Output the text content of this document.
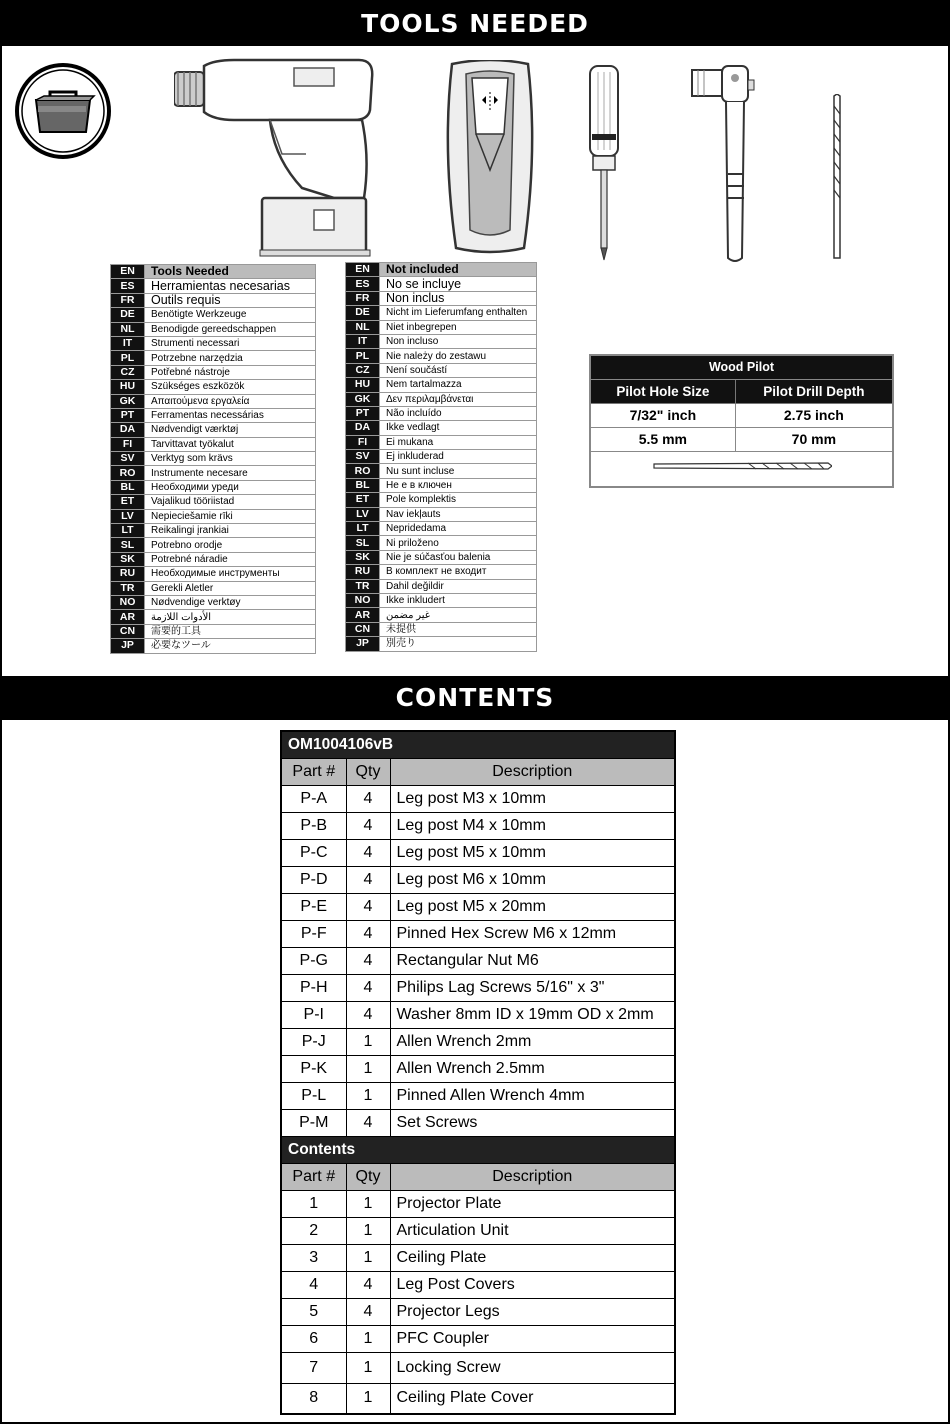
TOOLS NEEDED
EN	Tools Needed
ES	Herramientas necesarias
FR	Outils requis
DE	Benötigte Werkzeuge
NL	Benodigde gereedschappen
IT	Strumenti necessari
PL	Potrzebne narzędzia
CZ	Potřebné nástroje
HU	Szükséges eszközök
GK	Απαιτούμενα εργαλεία
PT	Ferramentas necessárias
DA	Nødvendigt værktøj
FI	Tarvittavat työkalut
SV	Verktyg som krävs
RO	Instrumente necesare
BL	Необходими уреди
ET	Vajalikud tööriistad
LV	Nepieciešamie rīki
LT	Reikalingi įrankiai
SL	Potrebno orodje
SK	Potrebné náradie
RU	Необходимые инструменты
TR	Gerekli Aletler
NO	Nødvendige verktøy
AR	الأدوات اللازمة
CN	需要的工具
JP	必要なツール
EN	Not included
ES	No se incluye
FR	Non inclus
DE	Nicht im Lieferumfang enthalten
NL	Niet inbegrepen
IT	Non incluso
PL	Nie należy do zestawu
CZ	Není součástí
HU	Nem tartalmazza
GK	Δεν περιλαμβάνεται
PT	Não incluído
DA	Ikke vedlagt
FI	Ei mukana
SV	Ej inkluderad
RO	Nu sunt incluse
BL	Не е в ключен
ET	Pole komplektis
LV	Nav iekļauts
LT	Nepridedama
SL	Ni priloženo
SK	Nie je súčasťou balenia
RU	В комплект не входит
TR	Dahil değildir
NO	Ikke inkludert
AR	غير مضمن
CN	未提供
JP	別売り
Wood Pilot	
Pilot Hole Size	Pilot Drill Depth
7/32" inch	2.75 inch
5.5 mm	70 mm

CONTENTS
OM1004106vB		
Part #	Qty	Description
P-A	4	Leg post M3 x 10mm
P-B	4	Leg post M4 x 10mm
P-C	4	Leg post M5 x 10mm
P-D	4	Leg post M6 x 10mm
P-E	4	Leg post M5 x 20mm
P-F	4	Pinned Hex Screw M6 x 12mm
P-G	4	Rectangular Nut M6
P-H	4	Philips Lag Screws 5/16" x 3"
P-I	4	Washer 8mm ID x 19mm OD x 2mm
P-J	1	Allen Wrench 2mm
P-K	1	Allen Wrench 2.5mm
P-L	1	Pinned Allen Wrench 4mm
P-M	4	Set Screws
Contents		
Part #	Qty	Description
1	1	Projector Plate
2	1	Articulation Unit
3	1	Ceiling Plate
4	4	Leg Post Covers
5	4	Projector Legs
6	1	PFC Coupler
7	1	Locking Screw
8	1	Ceiling Plate Cover
